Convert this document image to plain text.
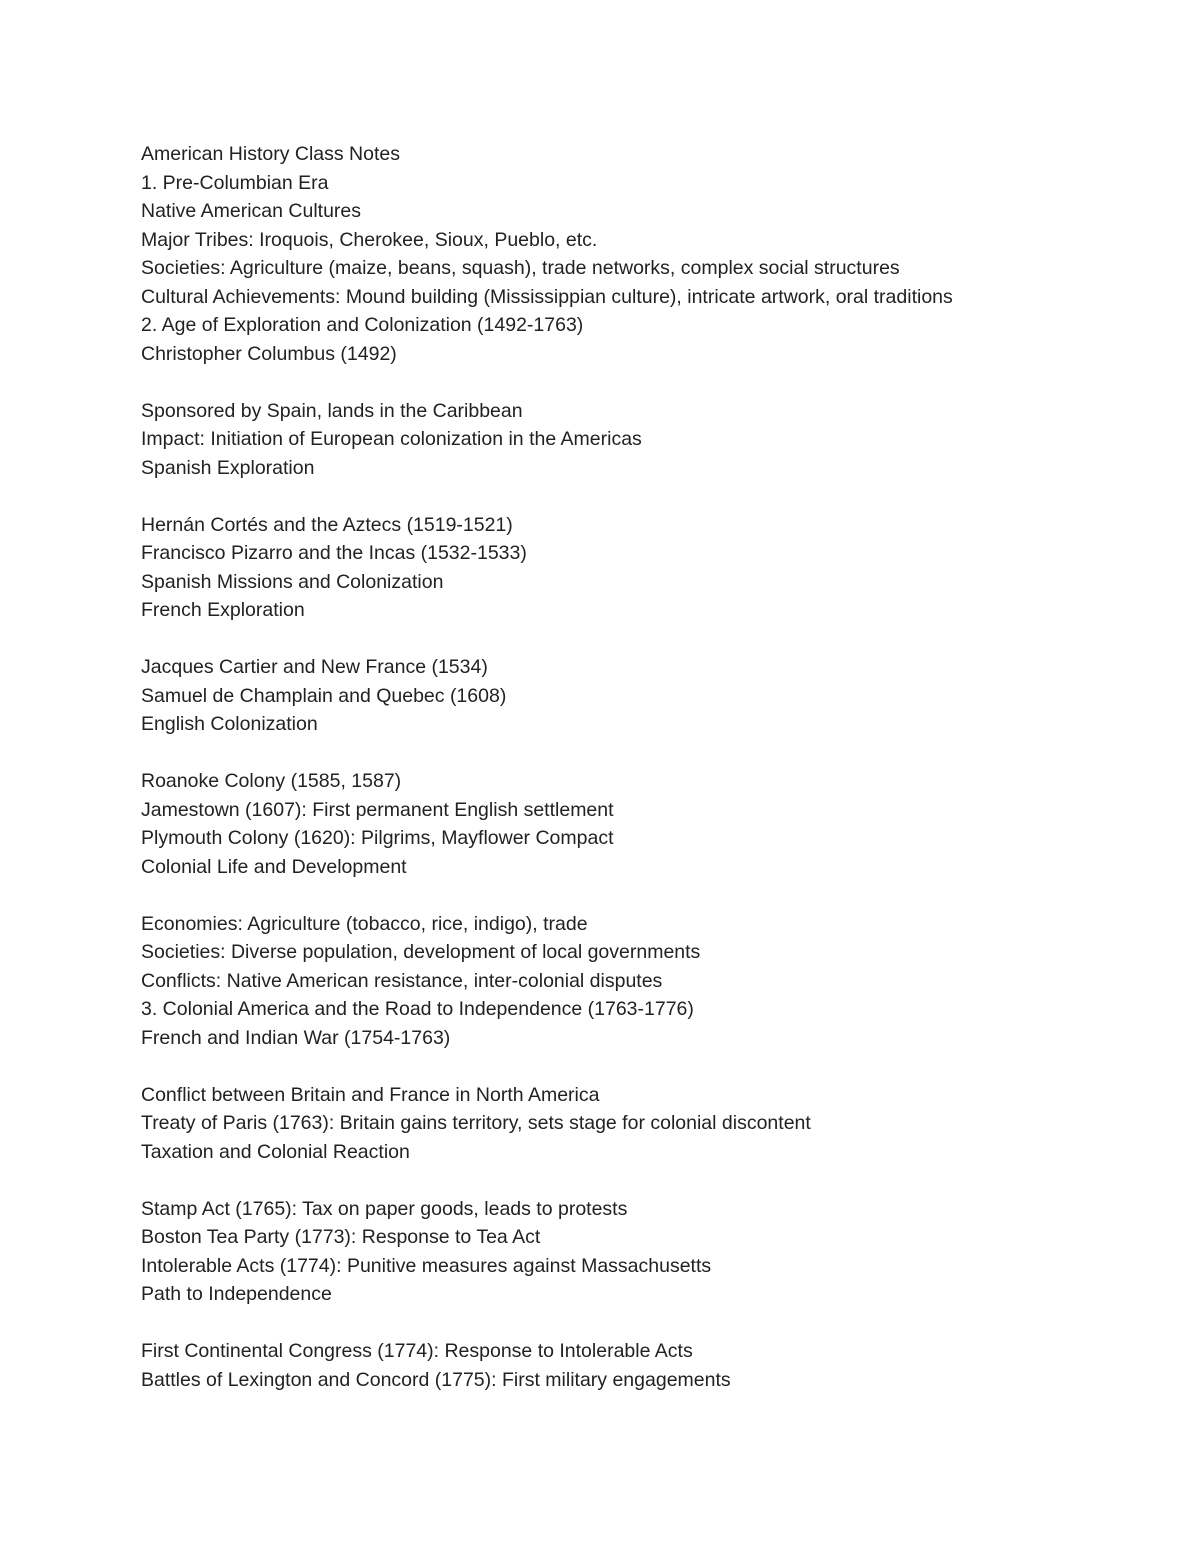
American History Class Notes
1. Pre-Columbian Era
Native American Cultures
Major Tribes: Iroquois, Cherokee, Sioux, Pueblo, etc.
Societies: Agriculture (maize, beans, squash), trade networks, complex social structures
Cultural Achievements: Mound building (Mississippian culture), intricate artwork, oral traditions
2. Age of Exploration and Colonization (1492-1763)
Christopher Columbus (1492)
Sponsored by Spain, lands in the Caribbean
Impact: Initiation of European colonization in the Americas
Spanish Exploration
Hernán Cortés and the Aztecs (1519-1521)
Francisco Pizarro and the Incas (1532-1533)
Spanish Missions and Colonization
French Exploration
Jacques Cartier and New France (1534)
Samuel de Champlain and Quebec (1608)
English Colonization
Roanoke Colony (1585, 1587)
Jamestown (1607): First permanent English settlement
Plymouth Colony (1620): Pilgrims, Mayflower Compact
Colonial Life and Development
Economies: Agriculture (tobacco, rice, indigo), trade
Societies: Diverse population, development of local governments
Conflicts: Native American resistance, inter-colonial disputes
3. Colonial America and the Road to Independence (1763-1776)
French and Indian War (1754-1763)
Conflict between Britain and France in North America
Treaty of Paris (1763): Britain gains territory, sets stage for colonial discontent
Taxation and Colonial Reaction
Stamp Act (1765): Tax on paper goods, leads to protests
Boston Tea Party (1773): Response to Tea Act
Intolerable Acts (1774): Punitive measures against Massachusetts
Path to Independence
First Continental Congress (1774): Response to Intolerable Acts
Battles of Lexington and Concord (1775): First military engagements
